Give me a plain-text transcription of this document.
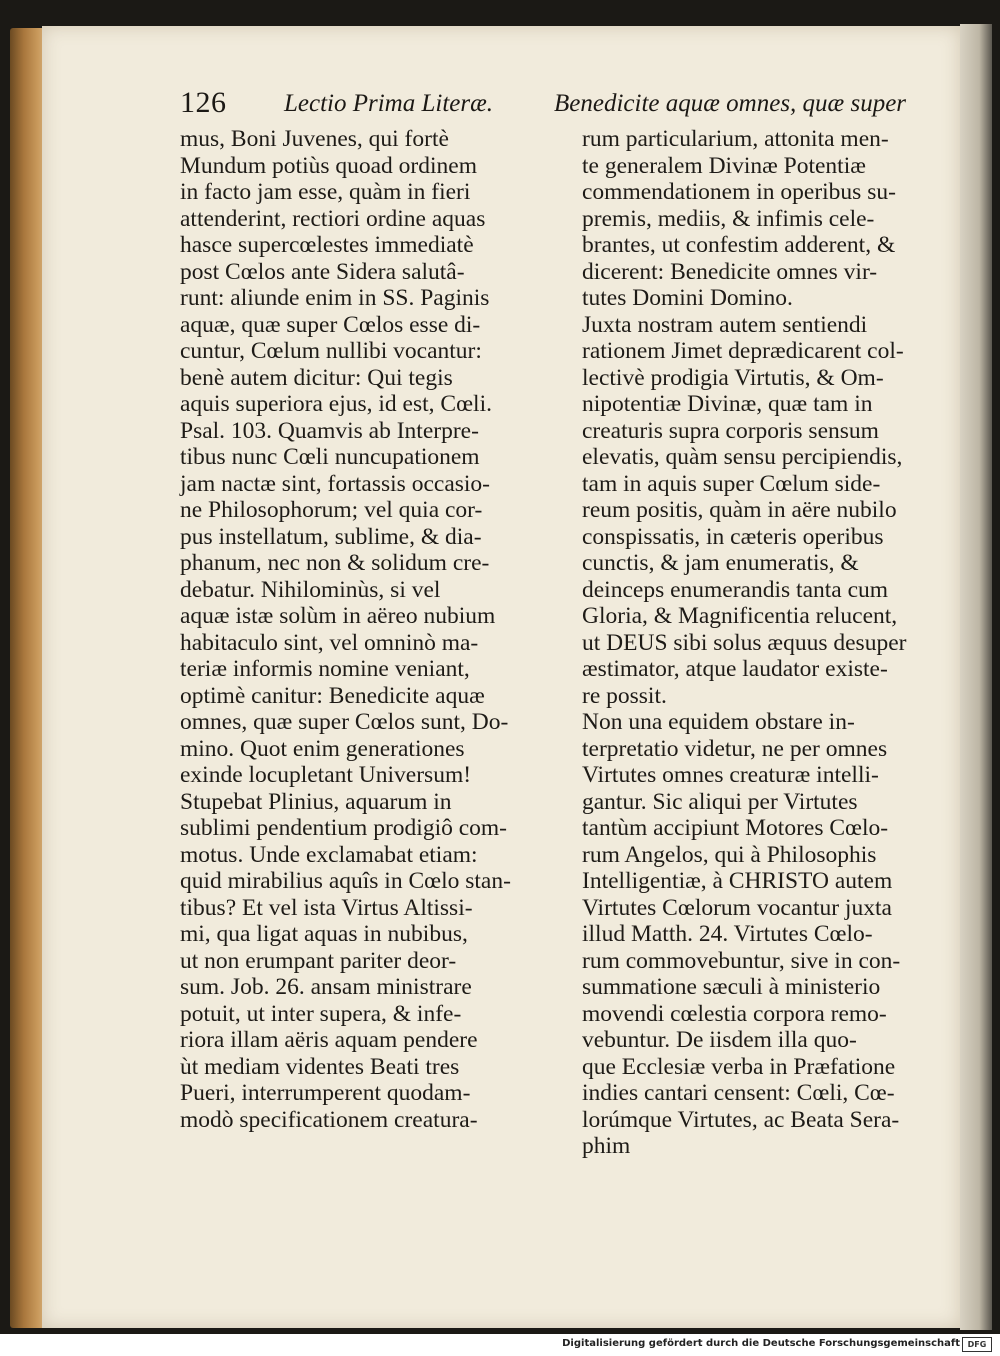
126 Lectio Prima Literæ. Benedicite aquæ omnes, quæ super
mus, Boni Juvenes, qui fortè
Mundum potiùs quoad ordinem
in facto jam esse, quàm in fieri
attenderint, rectiori ordine aquas
hasce supercœlestes immediatè
post Cœlos ante Sidera salutâ-
runt: aliunde enim in SS. Paginis
aquæ, quæ super Cœlos esse di-
cuntur, Cœlum nullibi vocantur:
benè autem dicitur: Qui tegis
aquis superiora ejus, id est, Cœli.
Psal. 103. Quamvis ab Interpre-
tibus nunc Cœli nuncupationem
jam nactæ sint, fortassis occasio-
ne Philosophorum; vel quia cor-
pus instellatum, sublime, & dia-
phanum, nec non & solidum cre-
debatur. Nihilominùs, si vel
aquæ istæ solùm in aëreo nubium
habitaculo sint, vel omninò ma-
teriæ informis nomine veniant,
optimè canitur: Benedicite aquæ
omnes, quæ super Cœlos sunt, Do-
mino. Quot enim generationes
exinde locupletant Universum!
Stupebat Plinius, aquarum in
sublimi pendentium prodigiô com-
motus. Unde exclamabat etiam:
quid mirabilius aquîs in Cœlo stan-
tibus? Et vel ista Virtus Altissi-
mi, qua ligat aquas in nubibus,
ut non erumpant pariter deor-
sum. Job. 26. ansam ministrare
potuit, ut inter supera, & infe-
riora illam aëris aquam pendere
ùt mediam videntes Beati tres
Pueri, interrumperent quodam-
modò specificationem creatura-
rum particularium, attonita men-
te generalem Divinæ Potentiæ
commendationem in operibus su-
premis, mediis, & infimis cele-
brantes, ut confestim adderent, &
dicerent: Benedicite omnes vir-
tutes Domini Domino.
Juxta nostram autem sentiendi
rationem Jimet deprædicarent col-
lectivè prodigia Virtutis, & Om-
nipotentiæ Divinæ, quæ tam in
creaturis supra corporis sensum
elevatis, quàm sensu percipiendis,
tam in aquis super Cœlum side-
reum positis, quàm in aëre nubilo
conspissatis, in cæteris operibus
cunctis, & jam enumeratis, &
deinceps enumerandis tanta cum
Gloria, & Magnificentia relucent,
ut DEUS sibi solus æquus desuper
æstimator, atque laudator existe-
re possit.
Non una equidem obstare in-
terpretatio videtur, ne per omnes
Virtutes omnes creaturæ intelli-
gantur. Sic aliqui per Virtutes
tantùm accipiunt Motores Cœlo-
rum Angelos, qui à Philosophis
Intelligentiæ, à CHRISTO autem
Virtutes Cœlorum vocantur juxta
illud Matth. 24. Virtutes Cœlo-
rum commovebuntur, sive in con-
summatione sæculi à ministerio
movendi cœlestia corpora remo-
vebuntur. De iisdem illa quo-
que Ecclesiæ verba in Præfatione
indies cantari censent: Cœli, Cœ-
lorúmque Virtutes, ac Beata Sera-
phim
Digitalisierung gefördert durch die Deutsche Forschungsgemeinschaft DFG
